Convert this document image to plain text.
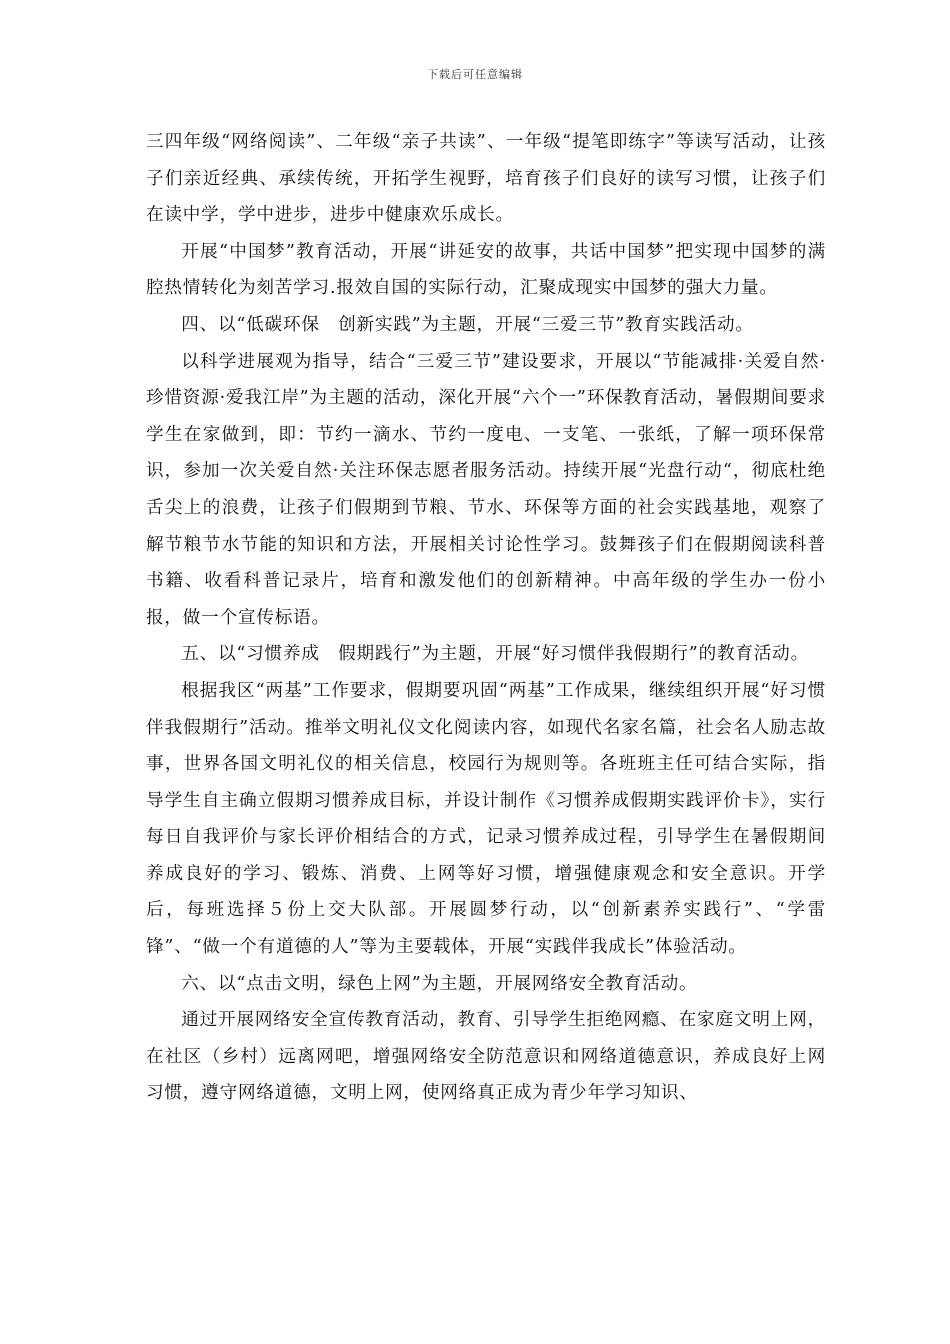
下载后可任意编辑

三四年级“网络阅读”、二年级“亲子共读”、一年级“提笔即练字”等读写活动，让孩子们亲近经典、承续传统，开拓学生视野，培育孩子们良好的读写习惯，让孩子们在读中学，学中进步，进步中健康欢乐成长。

开展“中国梦”教育活动，开展“讲延安的故事，共话中国梦”把实现中国梦的满腔热情转化为刻苦学习.报效自国的实际行动，汇聚成现实中国梦的强大力量。

四、以“低碳环保　创新实践”为主题，开展“三爱三节”教育实践活动。

以科学进展观为指导，结合“三爱三节”建设要求，开展以“节能减排·关爱自然·珍惜资源·爱我江岸”为主题的活动，深化开展“六个一”环保教育活动，暑假期间要求学生在家做到，即：节约一滴水、节约一度电、一支笔、一张纸，了解一项环保常识，参加一次关爱自然·关注环保志愿者服务活动。持续开展“光盘行动“，彻底杜绝舌尖上的浪费，让孩子们假期到节粮、节水、环保等方面的社会实践基地，观察了解节粮节水节能的知识和方法，开展相关讨论性学习。鼓舞孩子们在假期阅读科普书籍、收看科普记录片，培育和激发他们的创新精神。中高年级的学生办一份小报，做一个宣传标语。

五、以“习惯养成　假期践行”为主题，开展“好习惯伴我假期行”的教育活动。

根据我区“两基”工作要求，假期要巩固“两基”工作成果，继续组织开展“好习惯伴我假期行”活动。推举文明礼仪文化阅读内容，如现代名家名篇，社会名人励志故事，世界各国文明礼仪的相关信息，校园行为规则等。各班班主任可结合实际，指导学生自主确立假期习惯养成目标，并设计制作《习惯养成假期实践评价卡》，实行每日自我评价与家长评价相结合的方式，记录习惯养成过程，引导学生在暑假期间养成良好的学习、锻炼、消费、上网等好习惯，增强健康观念和安全意识。开学后，每班选择５份上交大队部。开展圆梦行动，以“创新素养实践行”、“学雷锋”、“做一个有道德的人”等为主要载体，开展“实践伴我成长”体验活动。

六、以“点击文明，绿色上网”为主题，开展网络安全教育活动。

通过开展网络安全宣传教育活动，教育、引导学生拒绝网瘾、在家庭文明上网，在社区（乡村）远离网吧，增强网络安全防范意识和网络道德意识，养成良好上网习惯，遵守网络道德，文明上网，使网络真正成为青少年学习知识、
